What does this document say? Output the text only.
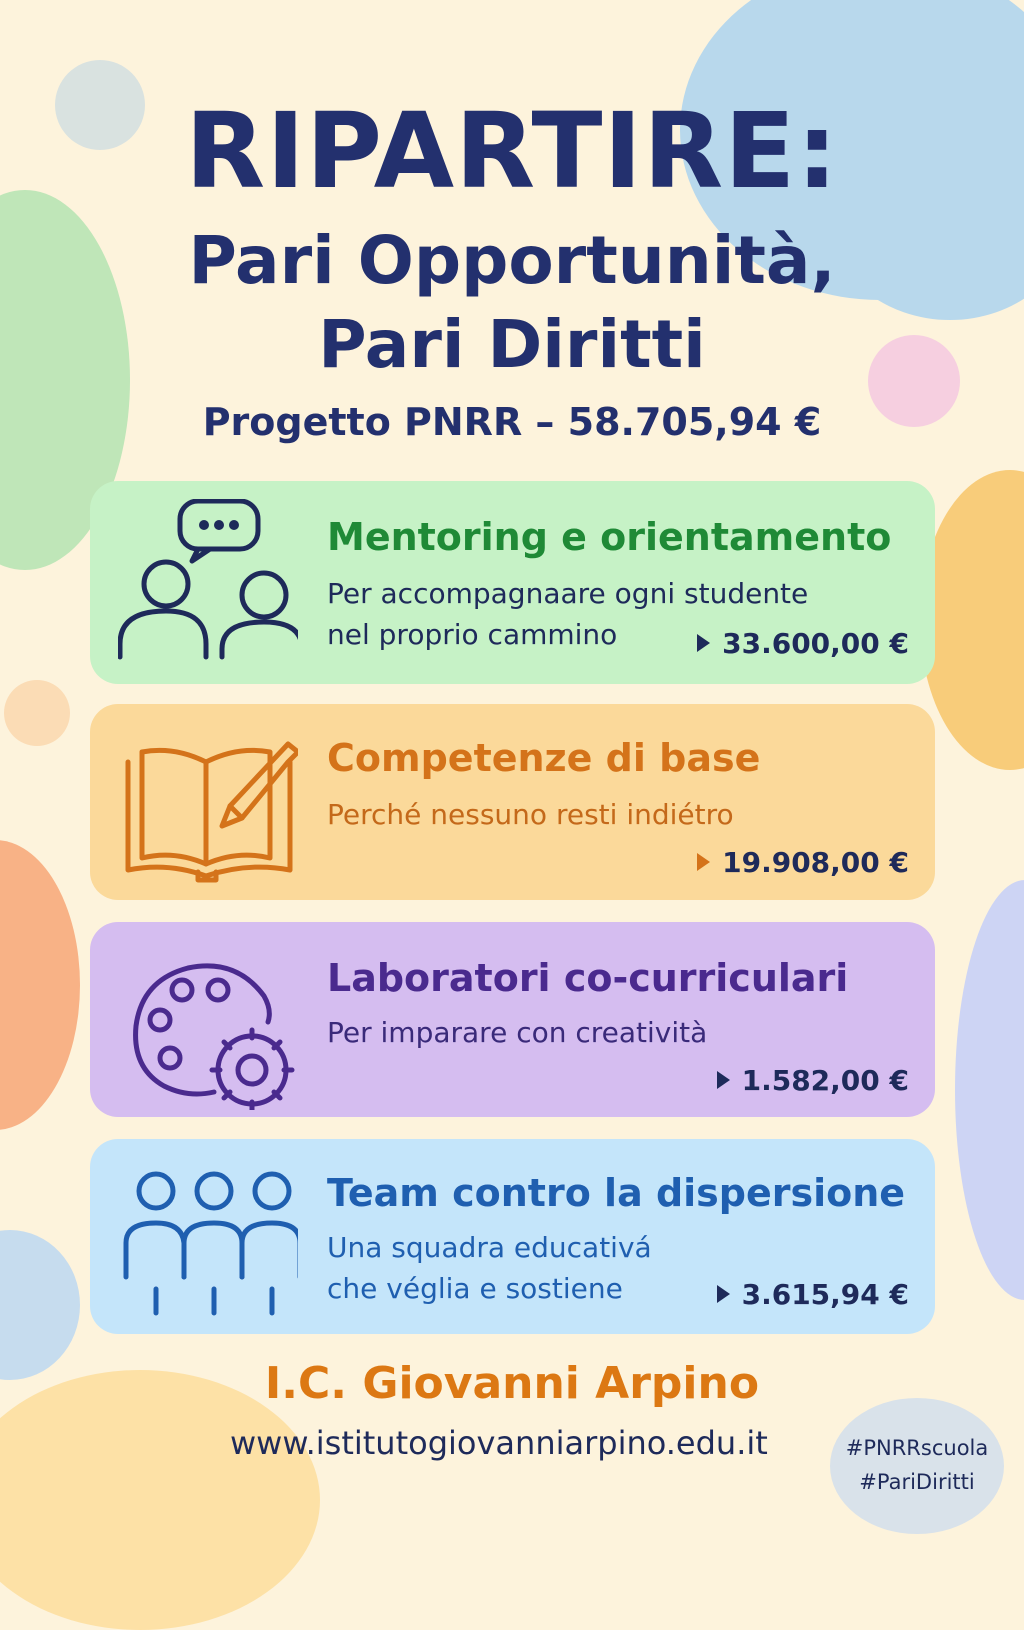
RIPARTIRE:
Pari Opportunità,
Pari Diritti
Progetto PNRR – 58.705,94 €
Mentoring e orientamento

Per accompagnaare ogni studente

nel proprio cammino	33.600,00 €
Competenze di base

Perché nessuno resti indiétro

19.908,00 €
Laboratori co-curriculari

Per imparare con creatività

1.582,00 €
Team contro la dispersione

Una squadra educativá

che véglia e sostiene	3.615,94 €
I.C. Giovanni Arpino
www.istitutogiovanniarpino.edu.it	#PNRRscuola
#PariDiritti
